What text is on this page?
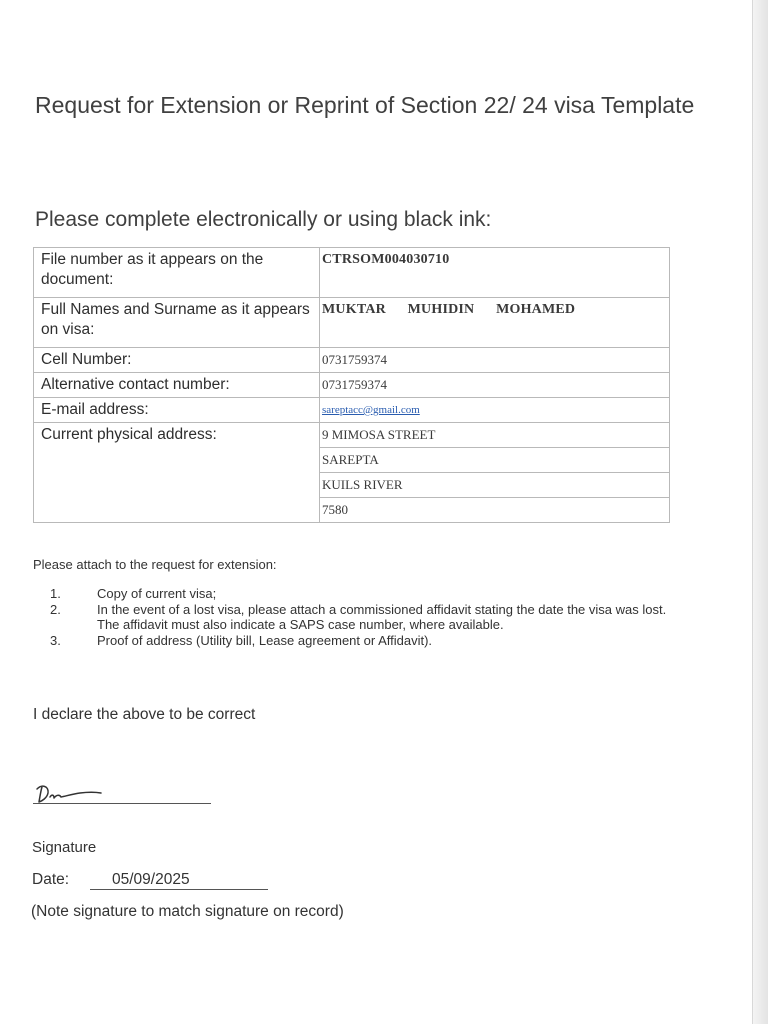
Request for Extension or Reprint of Section 22/ 24 visa Template
Please complete electronically or using black ink:
File number as it appears on the document:	CTRSOM004030710
Full Names and Surname as it appears on visa:	MUKTAR MUHIDIN MOHAMED
Cell Number:	0731759374
Alternative contact number:	0731759374
E-mail address:	sareptacc@gmail.com
Current physical address:	9 MIMOSA STREET
	SAREPTA
	KUILS RIVER
	7580
Please attach to the request for extension:
1.	Copy of current visa;
2.	In the event of a lost visa, please attach a commissioned affidavit stating the date the visa was lost. The affidavit must also indicate a SAPS case number, where available.
3.	Proof of address (Utility bill, Lease agreement or Affidavit).
I declare the above to be correct
Signature
Date:	05/09/2025
(Note signature to match signature on record)
